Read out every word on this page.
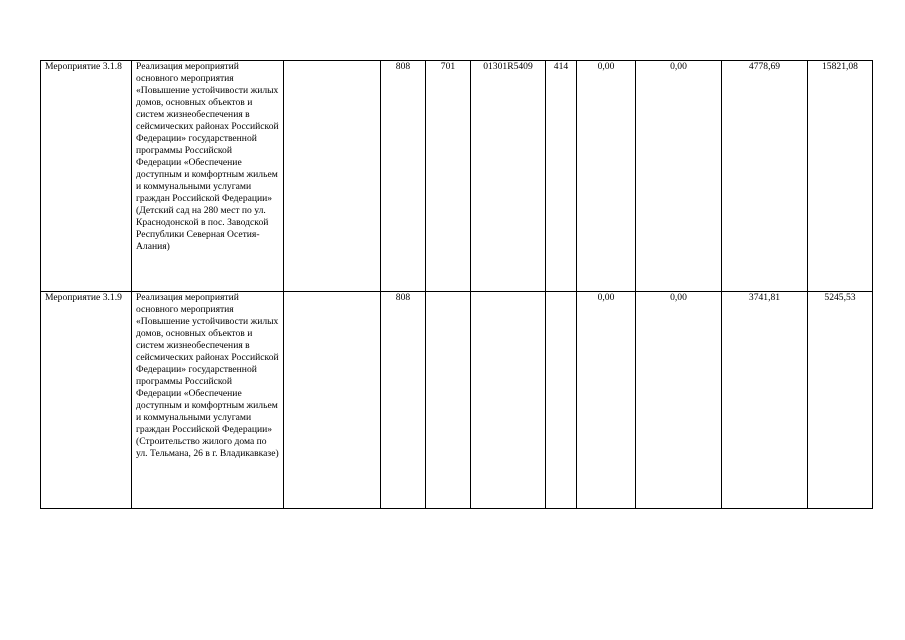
Мероприятие 3.1.8	Реализация мероприятий основного мероприятия «Повышение устойчивости жилых домов, основных объектов и систем жизнеобеспечения в сейсмических районах Российской Федерации» государственной программы Российской Федерации «Обеспечение доступным и комфортным жильем и коммунальными услугами граждан Российской Федерации» (Детский сад на 280 мест по ул. Краснодонской в пос. Заводской Республики Северная Осетия-Алания)		808	701	01301R5409	414	0,00	0,00	4778,69	15821,08
Мероприятие 3.1.9	Реализация мероприятий основного мероприятия «Повышение устойчивости жилых домов, основных объектов и систем жизнеобеспечения в сейсмических районах Российской Федерации» государственной программы Российской Федерации «Обеспечение доступным и комфортным жильем и коммунальными услугами граждан Российской Федерации» (Строительство жилого дома по ул. Тельмана, 26 в г. Владикавказе)		808				0,00	0,00	3741,81	5245,53
